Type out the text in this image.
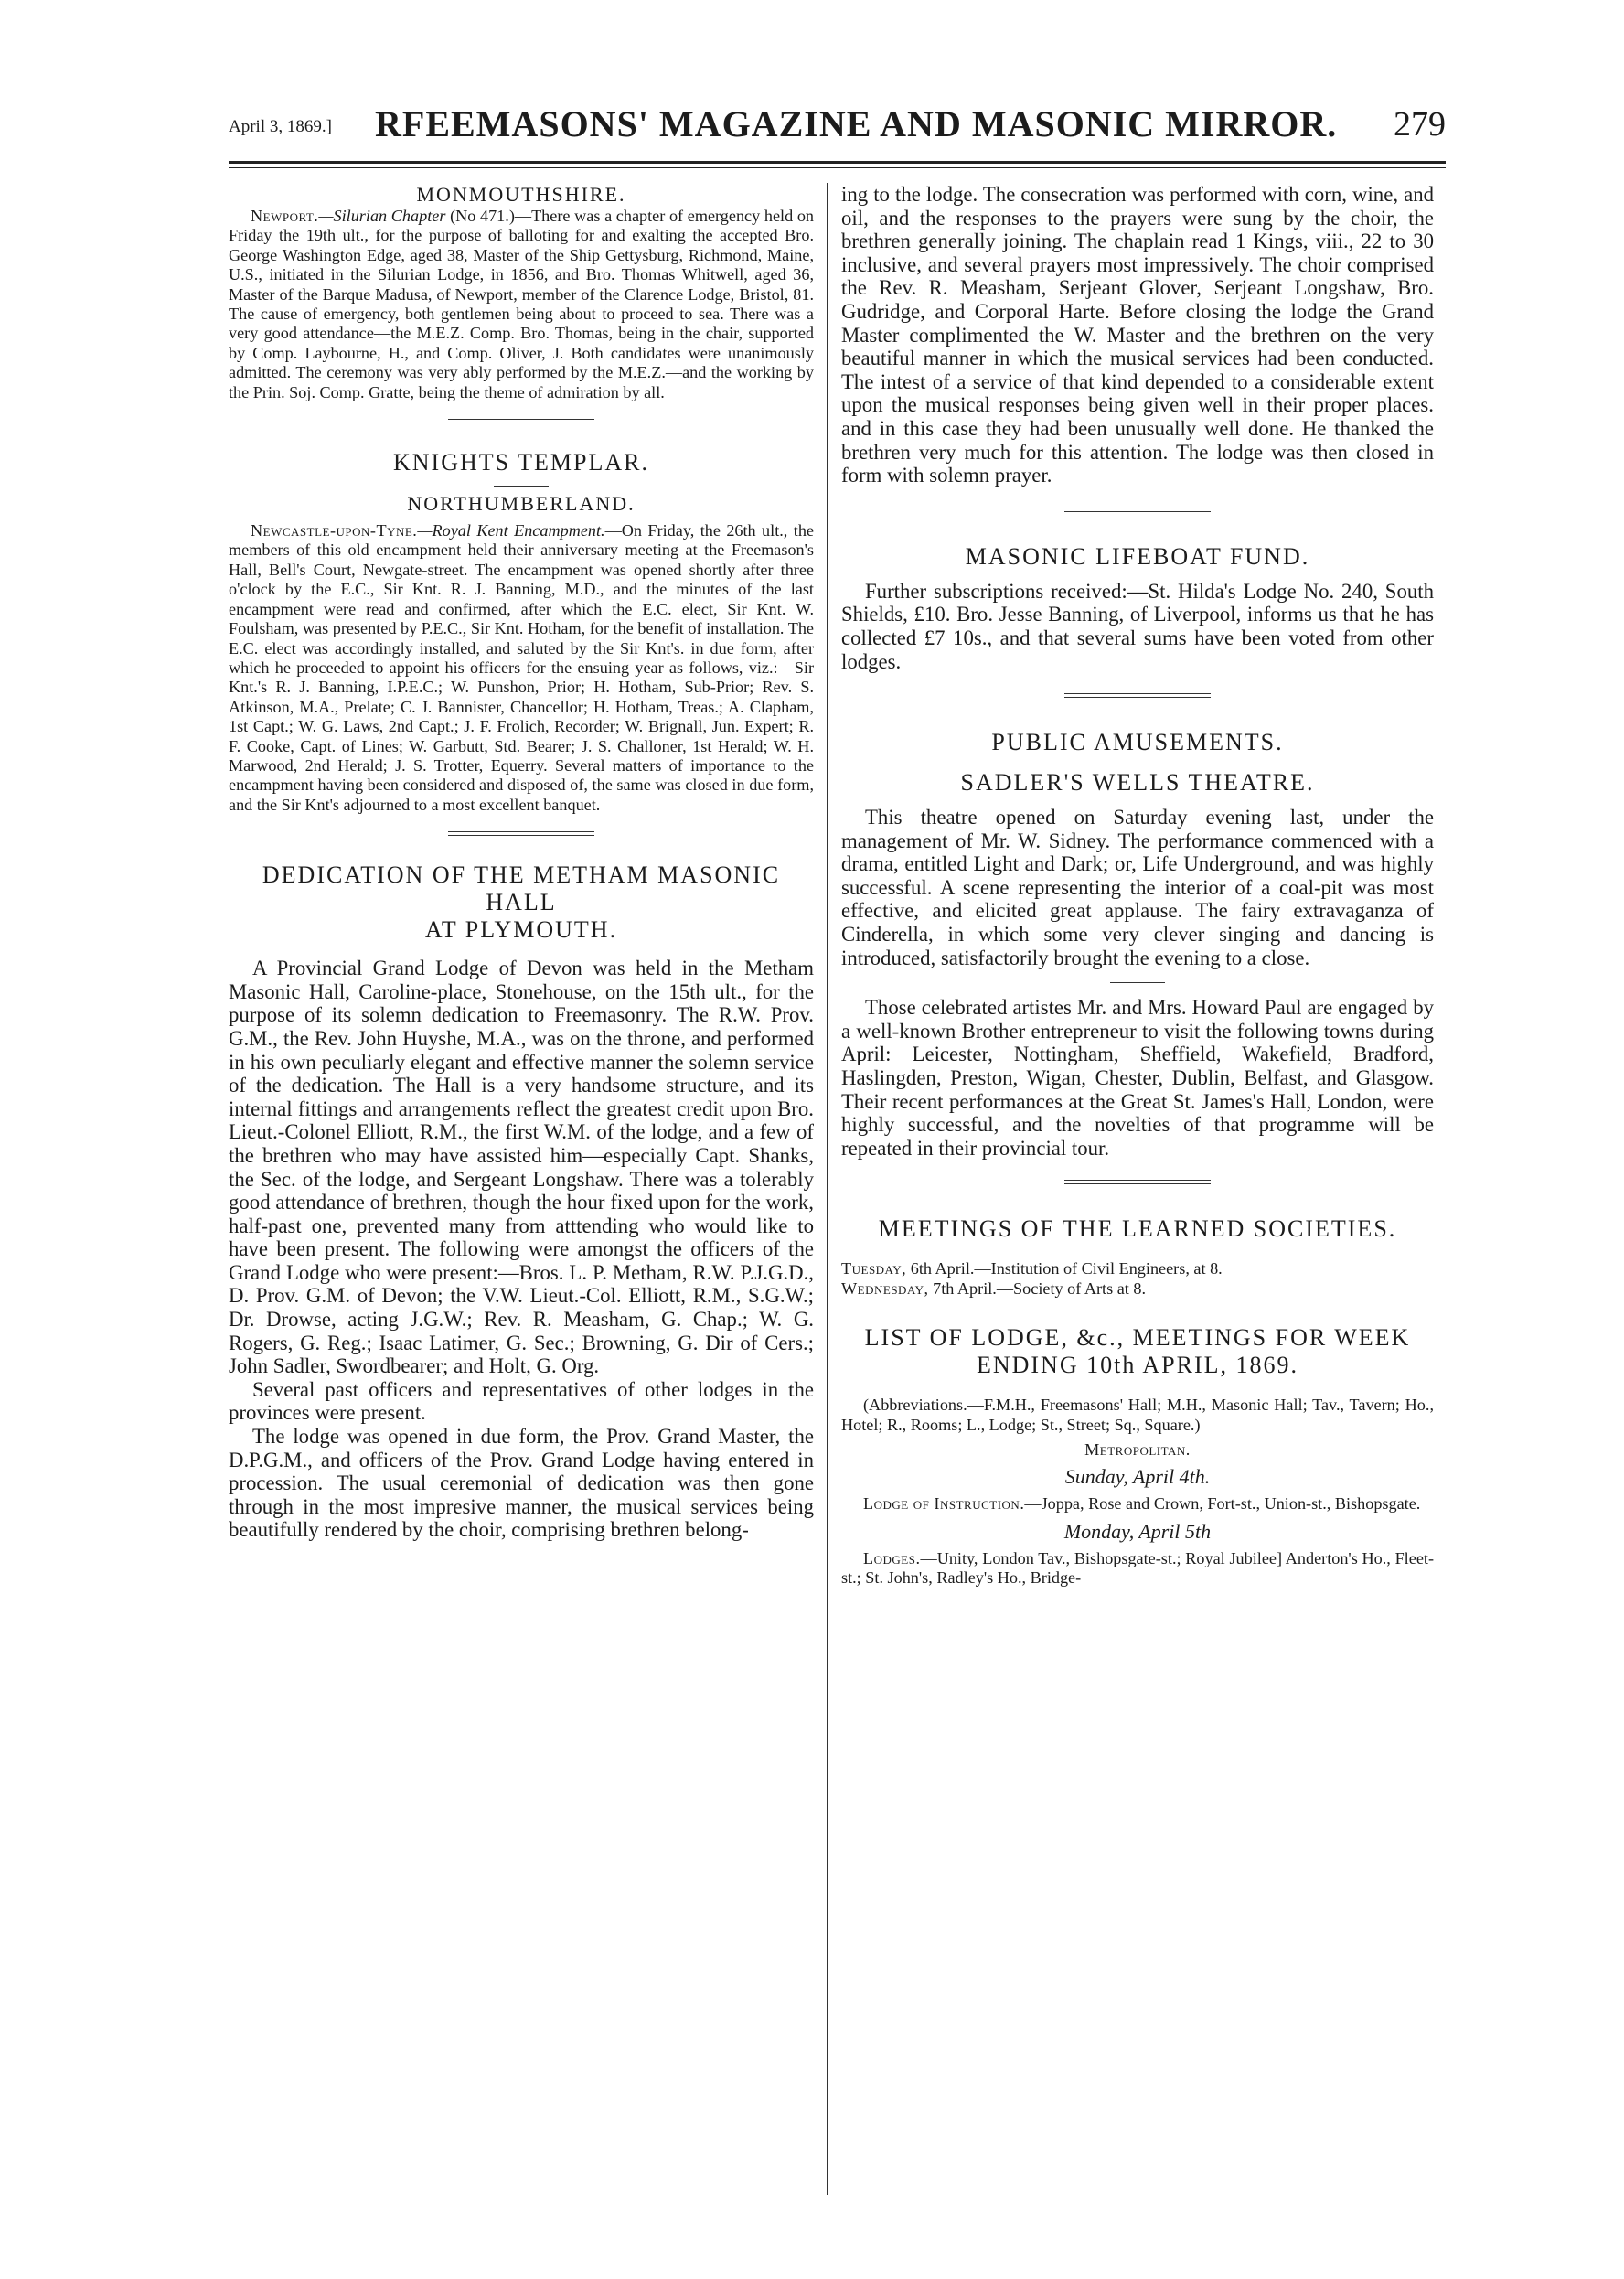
April 3, 1869.] RFEEMASONS' MAGAZINE AND MASONIC MIRROR. 279
MONMOUTHSHIRE.

Newport.—Silurian Chapter (No 471.)—There was a chapter of emergency held on Friday the 19th ult., for the purpose of balloting for and exalting the accepted Bro. George Washington Edge, aged 38, Master of the Ship Gettysburg, Richmond, Maine, U.S., initiated in the Silurian Lodge, in 1856, and Bro. Thomas Whitwell, aged 36, Master of the Barque Madusa, of Newport, member of the Clarence Lodge, Bristol, 81. The cause of emergency, both gentlemen being about to proceed to sea. There was a very good attendance—the M.E.Z. Comp. Bro. Thomas, being in the chair, supported by Comp. Laybourne, H., and Comp. Oliver, J. Both candidates were unanimously admitted. The ceremony was very ably performed by the M.E.Z.—and the working by the Prin. Soj. Comp. Gratte, being the theme of admiration by all.

KNIGHTS TEMPLAR.
NORTHUMBERLAND.

Newcastle-upon-Tyne.—Royal Kent Encampment.—On Friday, the 26th ult., the members of this old encampment held their anniversary meeting at the Freemason's Hall, Bell's Court, Newgate-street. The encampment was opened shortly after three o'clock by the E.C., Sir Knt. R. J. Banning, M.D., and the minutes of the last encampment were read and confirmed, after which the E.C. elect, Sir Knt. W. Foulsham, was presented by P.E.C., Sir Knt. Hotham, for the benefit of installation. The E.C. elect was accordingly installed, and saluted by the Sir Knt's. in due form, after which he proceeded to appoint his officers for the ensuing year as follows, viz.:—Sir Knt.'s R. J. Banning, I.P.E.C.; W. Punshon, Prior; H. Hotham, Sub-Prior; Rev. S. Atkinson, M.A., Prelate; C. J. Bannister, Chancellor; H. Hotham, Treas.; A. Clapham, 1st Capt.; W. G. Laws, 2nd Capt.; J. F. Frolich, Recorder; W. Brignall, Jun. Expert; R. F. Cooke, Capt. of Lines; W. Garbutt, Std. Bearer; J. S. Challoner, 1st Herald; W. H. Marwood, 2nd Herald; J. S. Trotter, Equerry. Several matters of importance to the encampment having been considered and disposed of, the same was closed in due form, and the Sir Knt's adjourned to a most excellent banquet.

DEDICATION OF THE METHAM MASONIC HALL
AT PLYMOUTH.

A Provincial Grand Lodge of Devon was held in the Metham Masonic Hall, Caroline-place, Stonehouse, on the 15th ult., for the purpose of its solemn dedication to Freemasonry. The R.W. Prov. G.M., the Rev. John Huyshe, M.A., was on the throne, and performed in his own peculiarly elegant and effective manner the solemn service of the dedication. The Hall is a very handsome structure, and its internal fittings and arrangements reflect the greatest credit upon Bro. Lieut.-Colonel Elliott, R.M., the first W.M. of the lodge, and a few of the brethren who may have assisted him—especially Capt. Shanks, the Sec. of the lodge, and Sergeant Longshaw. There was a tolerably good attendance of brethren, though the hour fixed upon for the work, half-past one, prevented many from atttending who would like to have been present. The following were amongst the officers of the Grand Lodge who were present:—Bros. L. P. Metham, R.W. P.J.G.D., D. Prov. G.M. of Devon; the V.W. Lieut.-Col. Elliott, R.M., S.G.W.; Dr. Drowse, acting J.G.W.; Rev. R. Measham, G. Chap.; W. G. Rogers, G. Reg.; Isaac Latimer, G. Sec.; Browning, G. Dir of Cers.; John Sadler, Swordbearer; and Holt, G. Org.

Several past officers and representatives of other lodges in the provinces were present.

The lodge was opened in due form, the Prov. Grand Master, the D.P.G.M., and officers of the Prov. Grand Lodge having entered in procession. The usual ceremonial of dedication was then gone through in the most impresive manner, the musical services being beautifully rendered by the choir, comprising brethren belong-

ing to the lodge. The consecration was performed with corn, wine, and oil, and the responses to the prayers were sung by the choir, the brethren generally joining. The chaplain read 1 Kings, viii., 22 to 30 inclusive, and several prayers most impressively. The choir comprised the Rev. R. Measham, Serjeant Glover, Serjeant Longshaw, Bro. Gudridge, and Corporal Harte. Before closing the lodge the Grand Master complimented the W. Master and the brethren on the very beautiful manner in which the musical services had been conducted. The intest of a service of that kind depended to a considerable extent upon the musical responses being given well in their proper places. and in this case they had been unusually well done. He thanked the brethren very much for this attention. The lodge was then closed in form with solemn prayer.

MASONIC LIFEBOAT FUND.

Further subscriptions received:—St. Hilda's Lodge No. 240, South Shields, £10. Bro. Jesse Banning, of Liverpool, informs us that he has collected £7 10s., and that several sums have been voted from other lodges.

PUBLIC AMUSEMENTS.
SADLER'S WELLS THEATRE.

This theatre opened on Saturday evening last, under the management of Mr. W. Sidney. The performance commenced with a drama, entitled Light and Dark; or, Life Underground, and was highly successful. A scene representing the interior of a coal-pit was most effective, and elicited great applause. The fairy extravaganza of Cinderella, in which some very clever singing and dancing is introduced, satisfactorily brought the evening to a close.

Those celebrated artistes Mr. and Mrs. Howard Paul are engaged by a well-known Brother entrepreneur to visit the following towns during April: Leicester, Nottingham, Sheffield, Wakefield, Bradford, Haslingden, Preston, Wigan, Chester, Dublin, Belfast, and Glasgow. Their recent performances at the Great St. James's Hall, London, were highly successful, and the novelties of that programme will be repeated in their provincial tour.

MEETINGS OF THE LEARNED SOCIETIES.

Tuesday, 6th April.—Institution of Civil Engineers, at 8.

Wednesday, 7th April.—Society of Arts at 8.

LIST OF LODGE, &c., MEETINGS FOR WEEK
ENDING 10th APRIL, 1869.

(Abbreviations.—F.M.H., Freemasons' Hall; M.H., Masonic Hall; Tav., Tavern; Ho., Hotel; R., Rooms; L., Lodge; St., Street; Sq., Square.)

Metropolitan.

Sunday, April 4th.

Lodge of Instruction.—Joppa, Rose and Crown, Fort-st., Union-st., Bishopsgate.

Monday, April 5th

Lodges.—Unity, London Tav., Bishopsgate-st.; Royal Jubilee] Anderton's Ho., Fleet-st.; St. John's, Radley's Ho., Bridge-
